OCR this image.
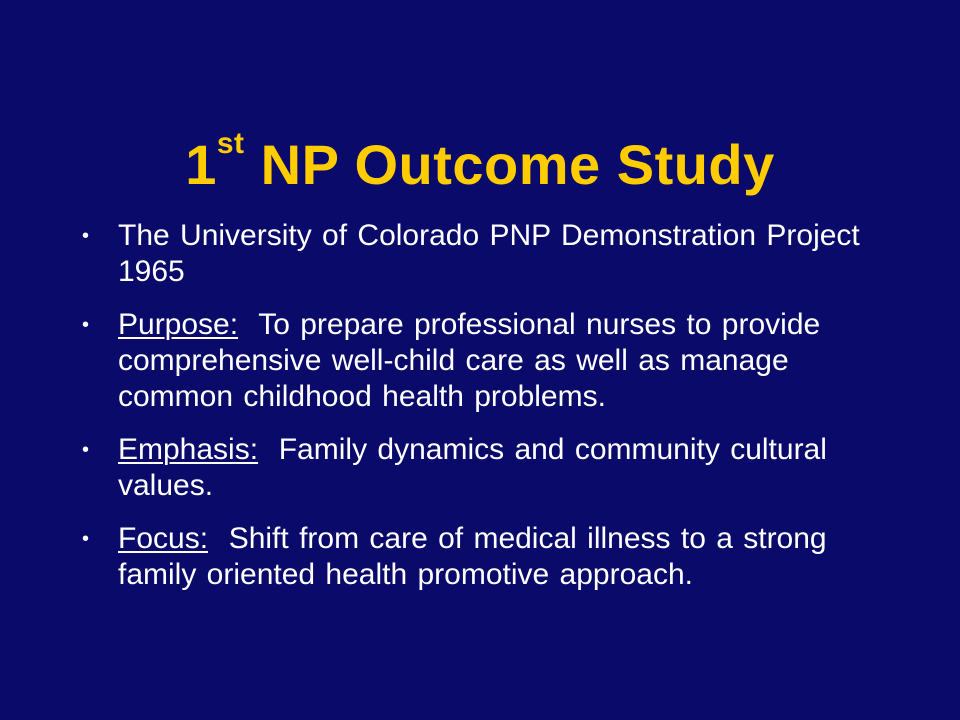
1st NP Outcome Study
• The University of Colorado PNP Demonstration Project 1965
• Purpose:  To prepare professional nurses to provide comprehensive well-child care as well as manage common childhood health problems.
• Emphasis:  Family dynamics and community cultural values.
• Focus:  Shift from care of medical illness to a strong family oriented health promotive approach.
